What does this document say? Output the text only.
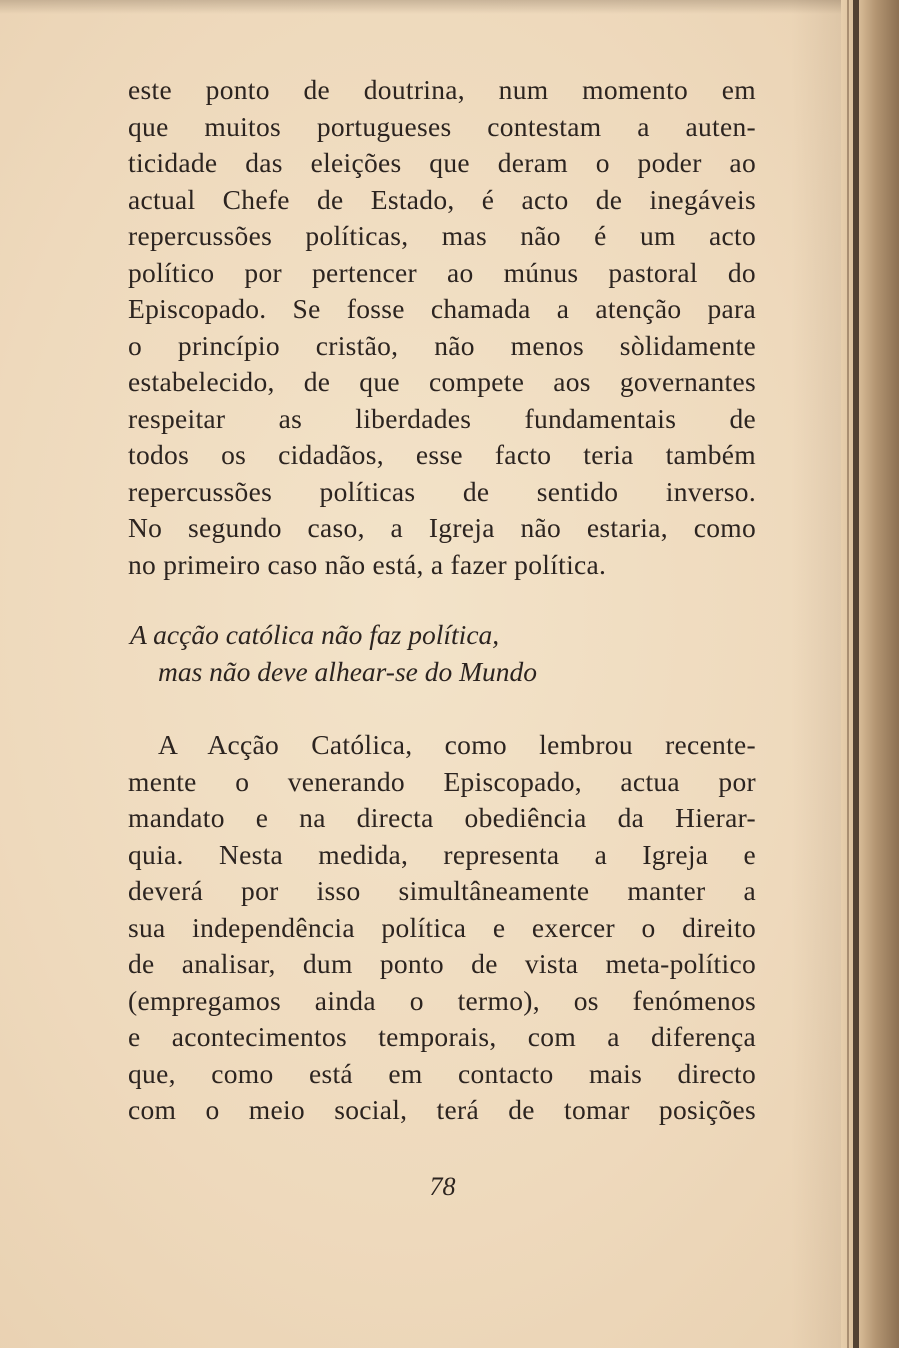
este ponto de doutrina, num momento em
que muitos portugueses contestam a auten-
ticidade das eleições que deram o poder ao
actual Chefe de Estado, é acto de inegáveis
repercussões políticas, mas não é um acto
político por pertencer ao múnus pastoral do
Episcopado. Se fosse chamada a atenção para
o princípio cristão, não menos sòlidamente
estabelecido, de que compete aos governantes
respeitar as liberdades fundamentais de
todos os cidadãos, esse facto teria também
repercussões políticas de sentido inverso.
No segundo caso, a Igreja não estaria, como
no primeiro caso não está, a fazer política.
A acção católica não faz política,
mas não deve alhear-se do Mundo
A Acção Católica, como lembrou recente-
mente o venerando Episcopado, actua por
mandato e na directa obediência da Hierar-
quia. Nesta medida, representa a Igreja e
deverá por isso simultâneamente manter a
sua independência política e exercer o direito
de analisar, dum ponto de vista meta-político
(empregamos ainda o termo), os fenómenos
e acontecimentos temporais, com a diferença
que, como está em contacto mais directo
com o meio social, terá de tomar posições
78
